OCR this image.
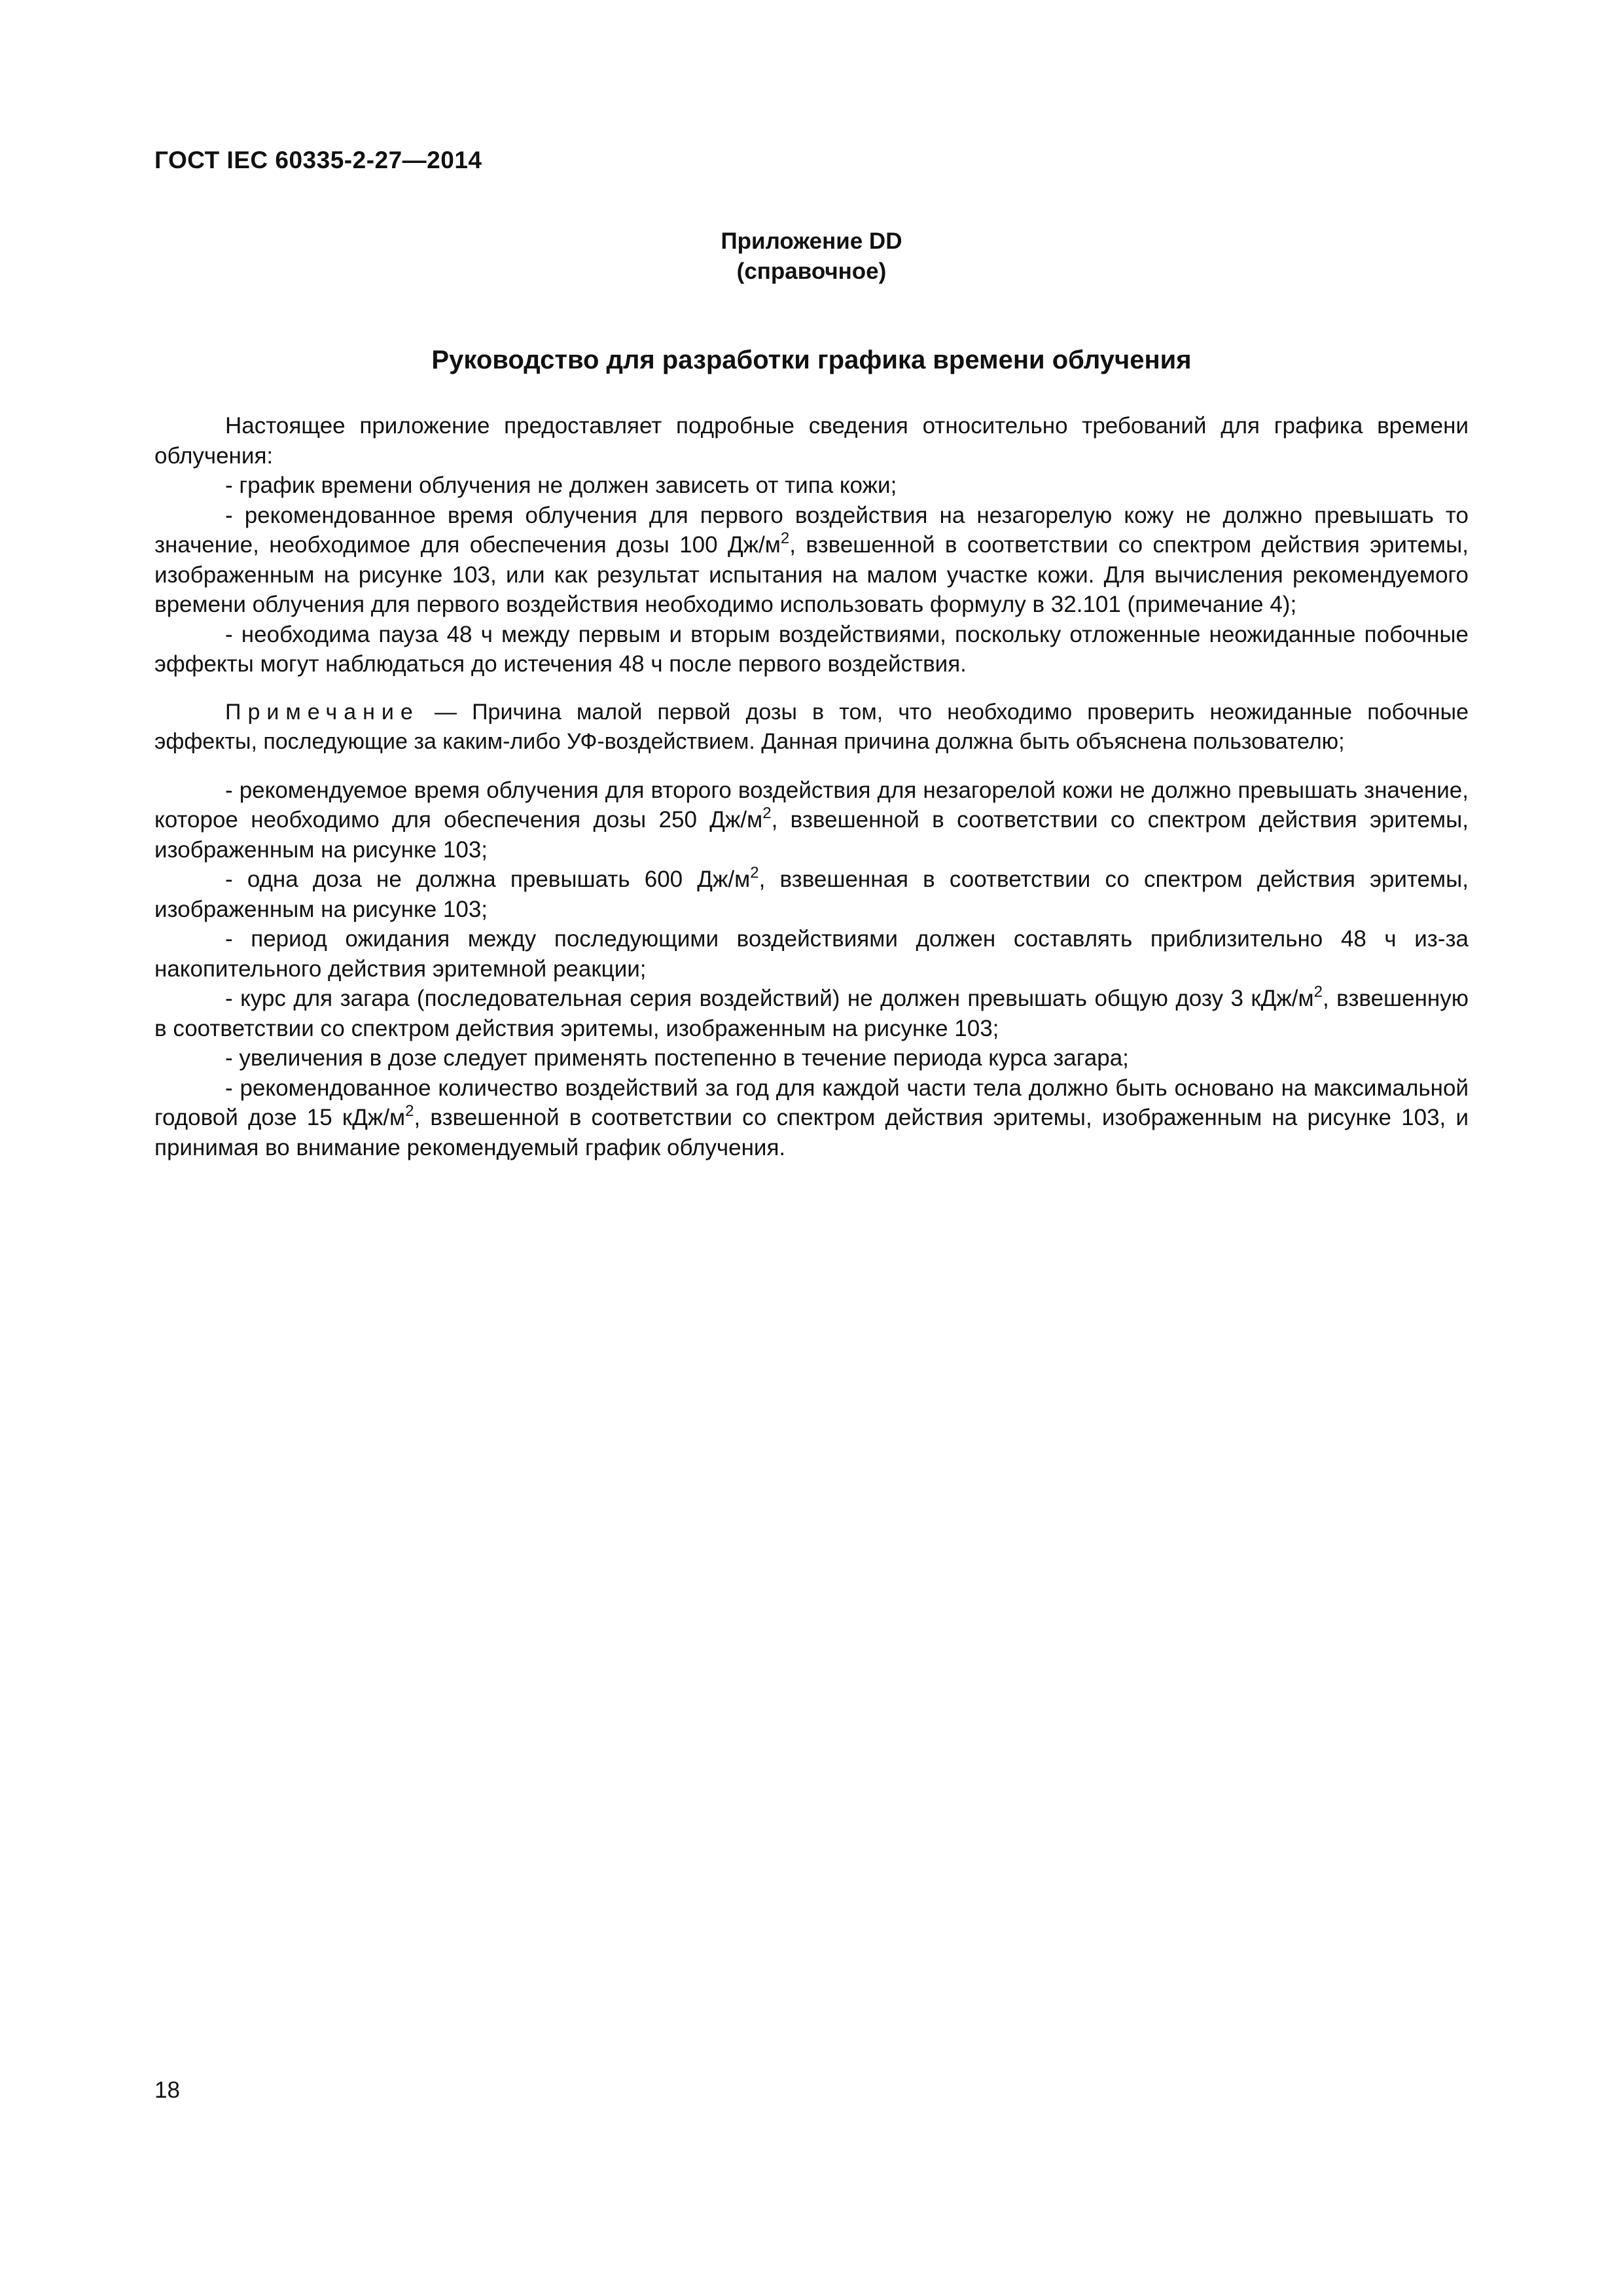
ГОСТ IEC 60335-2-27—2014
Приложение DD
(справочное)
Руководство для разработки графика времени облучения

Настоящее приложение предоставляет подробные сведения относительно требований для графика времени облучения:

- график времени облучения не должен зависеть от типа кожи;

- рекомендованное время облучения для первого воздействия на незагорелую кожу не должно превышать то значение, необходимое для обеспечения дозы 100 $Дж/м^2$, взвешенной в соответствии со спектром действия эритемы, изображенным на рисунке 103, или как результат испытания на малом участке кожи. Для вычисления рекомендуемого времени облучения для первого воздействия необходимо использовать формулу в 32.101 (примечание 4);

- необходима пауза 48 ч между первым и вторым воздействиями, поскольку отложенные неожиданные побочные эффекты могут наблюдаться до истечения 48 ч после первого воздействия.

Примечание — Причина малой первой дозы в том, что необходимо проверить неожиданные побочные эффекты, последующие за каким-либо УФ-воздействием. Данная причина должна быть объяснена пользователю;

- рекомендуемое время облучения для второго воздействия для незагорелой кожи не должно превышать значение, которое необходимо для обеспечения дозы 250 $Дж/м^2$, взвешенной в соответствии со спектром действия эритемы, изображенным на рисунке 103;

- одна доза не должна превышать 600 $Дж/м^2$, взвешенная в соответствии со спектром действия эритемы, изображенным на рисунке 103;

- период ожидания между последующими воздействиями должен составлять приблизительно 48 ч из-за накопительного действия эритемной реакции;

- курс для загара (последовательная серия воздействий) не должен превышать общую дозу 3 кДж/$м^2$, взвешенную в соответствии со спектром действия эритемы, изображенным на рисунке 103;

- увеличения в дозе следует применять постепенно в течение периода курса загара;

- рекомендованное количество воздействий за год для каждой части тела должно быть основано на максимальной годовой дозе 15 кДж/$м^2$, взвешенной в соответствии со спектром действия эритемы, изображенным на рисунке 103, и принимая во внимание рекомендуемый график облучения.

18
